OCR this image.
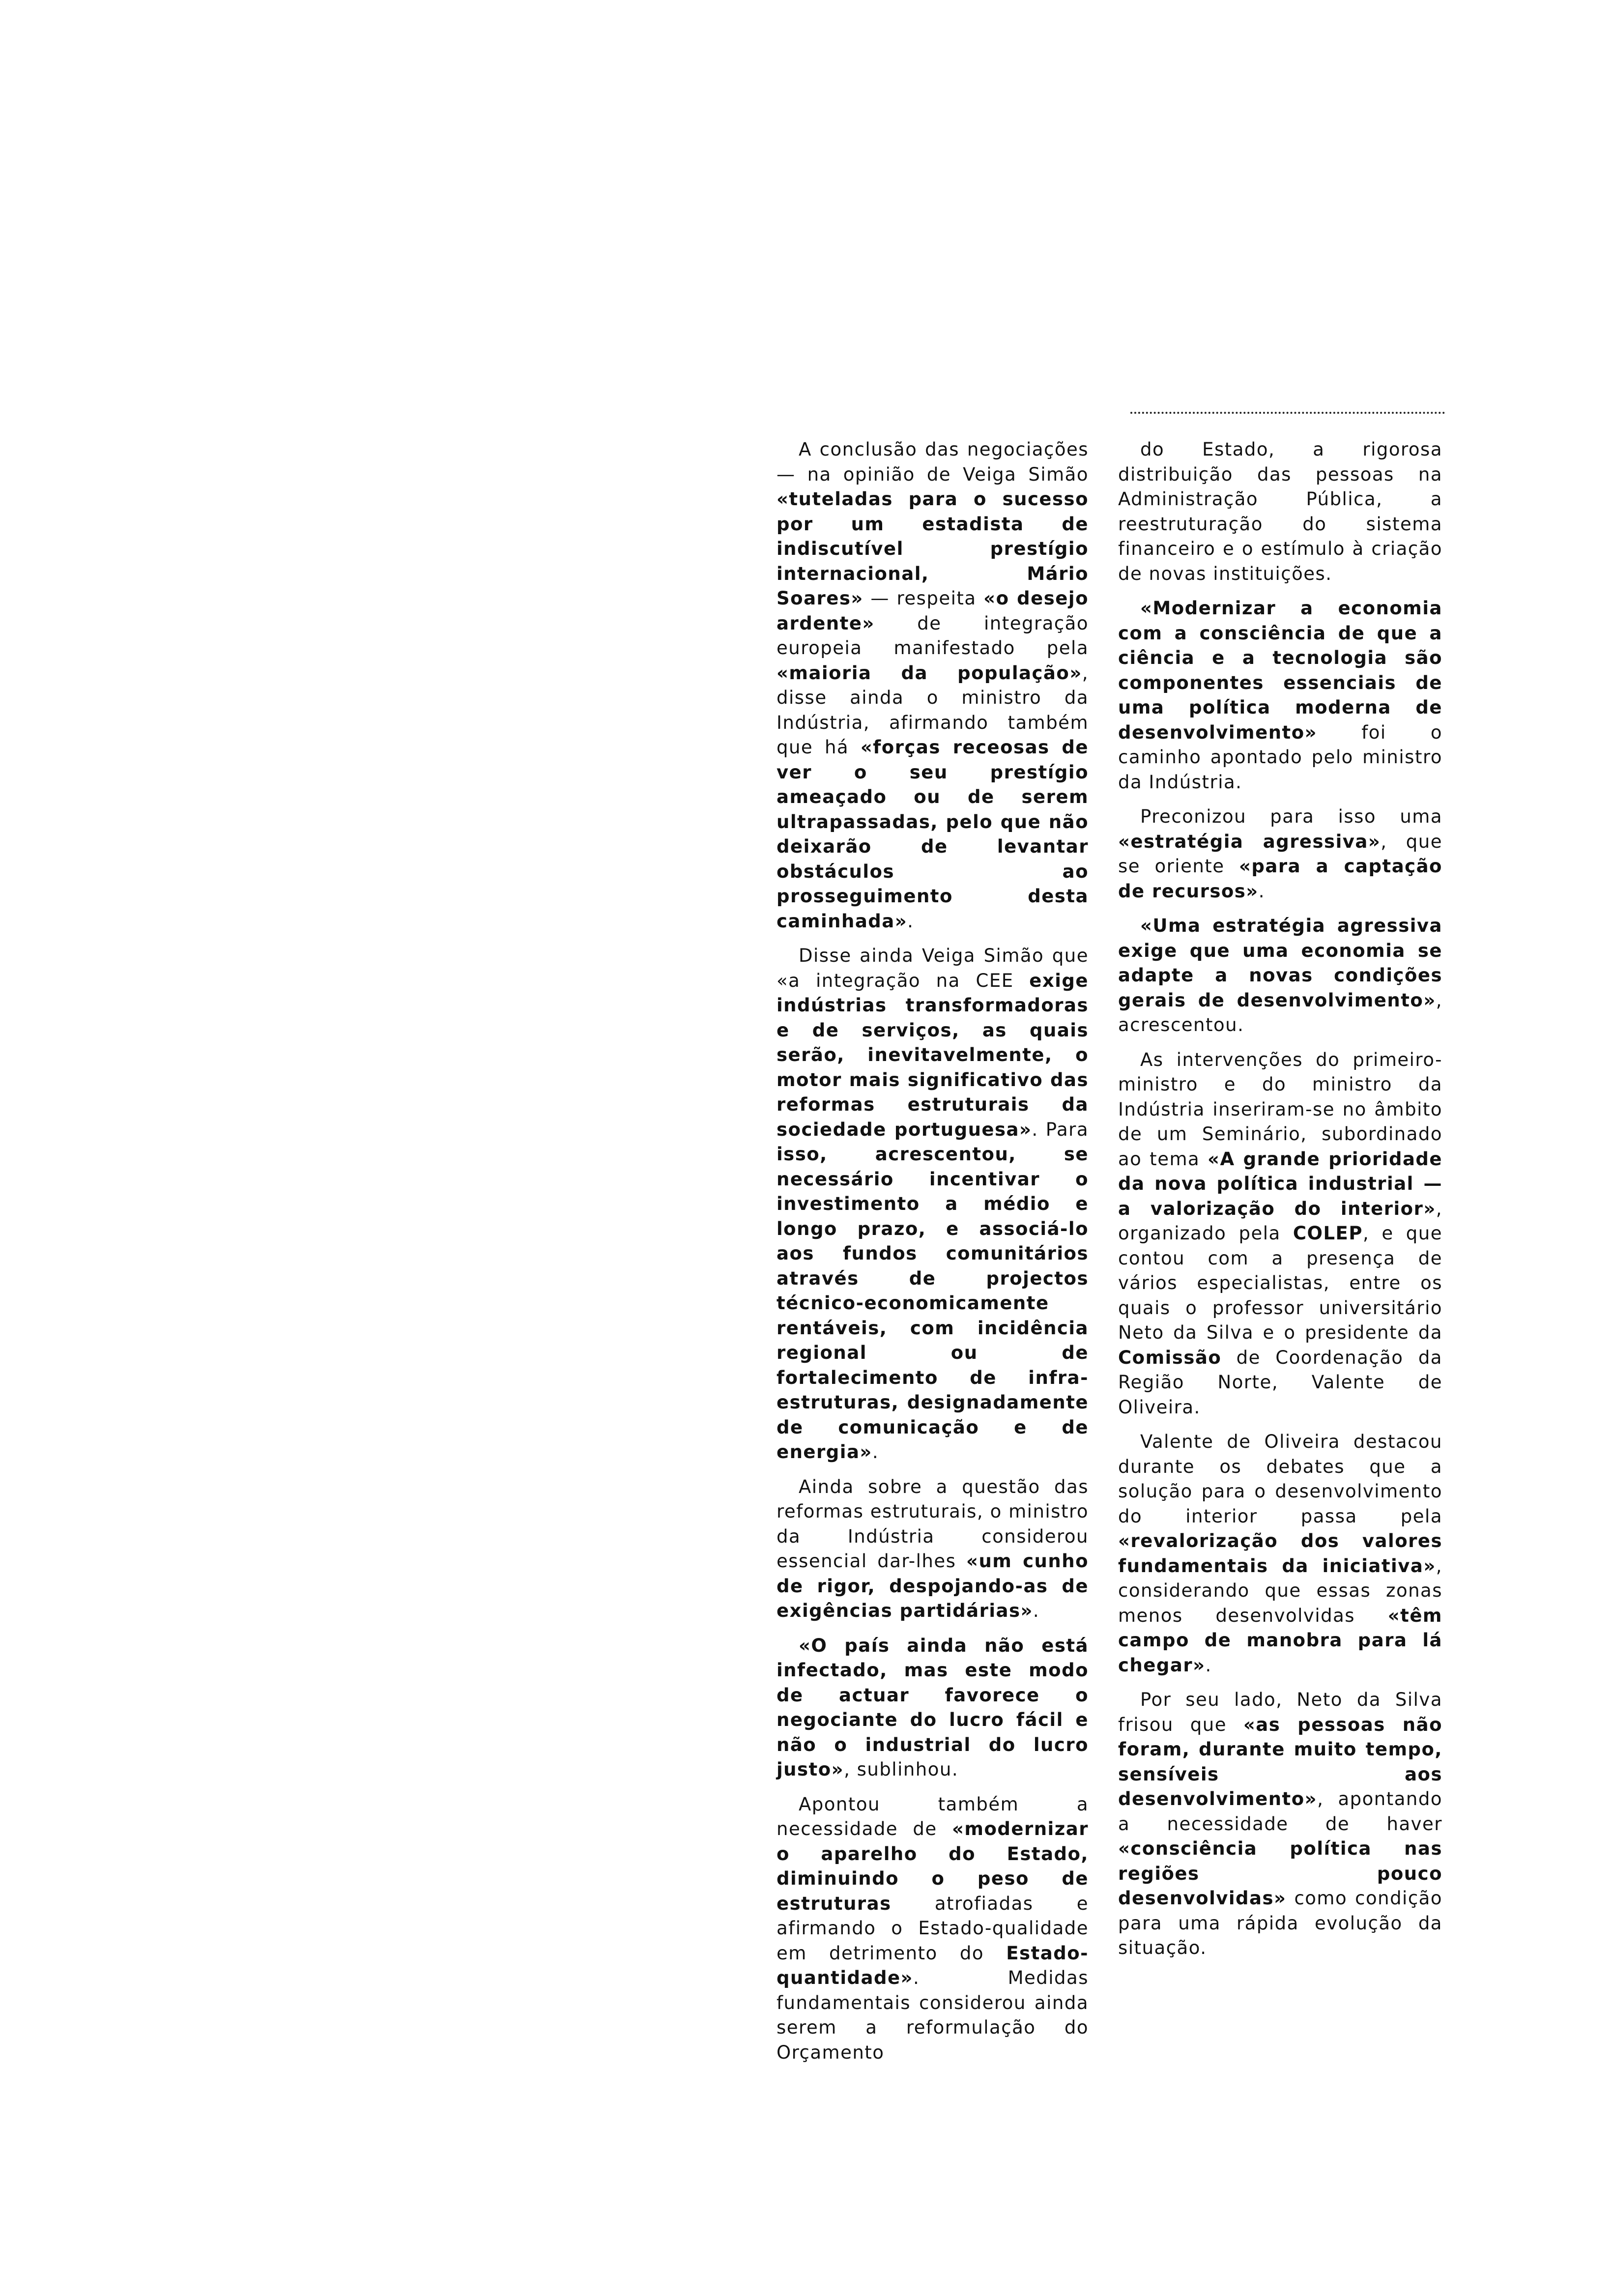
A conclusão das negociações — na opinião de Veiga Simão «tuteladas para o sucesso por um estadista de indiscutível prestígio internacional, Mário Soares» — respeita «o desejo ardente» de integração europeia manifestado pela «maioria da população», disse ainda o ministro da Indústria, afirmando também que há «forças receosas de ver o seu prestígio ameaçado ou de serem ultrapassadas, pelo que não deixarão de levantar obstáculos ao prosseguimento desta caminhada».

Disse ainda Veiga Simão que «a integração na CEE exige indústrias transformadoras e de serviços, as quais serão, inevitavelmente, o motor mais significativo das reformas estruturais da sociedade portuguesa». Para isso, acrescentou, se necessário incentivar o investimento a médio e longo prazo, e associá-lo aos fundos comunitários através de projectos técnico-economicamente rentáveis, com incidência regional ou de fortalecimento de infra-estruturas, designadamente de comunicação e de energia».

Ainda sobre a questão das reformas estruturais, o ministro da Indústria considerou essencial dar-lhes «um cunho de rigor, despojando-as de exigências partidárias».

«O país ainda não está infectado, mas este modo de actuar favorece o negociante do lucro fácil e não o industrial do lucro justo», sublinhou.

Apontou também a necessidade de «modernizar o aparelho do Estado, diminuindo o peso de estruturas atrofiadas e afirmando o Estado-qualidade em detrimento do Estado-quantidade». Medidas fundamentais considerou ainda serem a reformulação do Orçamento

do Estado, a rigorosa distribuição das pessoas na Administração Pública, a reestruturação do sistema financeiro e o estímulo à criação de novas instituições.

«Modernizar a economia com a consciência de que a ciência e a tecnologia são componentes essenciais de uma política moderna de desenvolvimento» foi o caminho apontado pelo ministro da Indústria.

Preconizou para isso uma «estratégia agressiva», que se oriente «para a captação de recursos».

«Uma estratégia agressiva exige que uma economia se adapte a novas condições gerais de desenvolvimento», acrescentou.

As intervenções do primeiro-ministro e do ministro da Indústria inseriram-se no âmbito de um Seminário, subordinado ao tema «A grande prioridade da nova política industrial — a valorização do interior», organizado pela COLEP, e que contou com a presença de vários especialistas, entre os quais o professor universitário Neto da Silva e o presidente da Comissão de Coordenação da Região Norte, Valente de Oliveira.

Valente de Oliveira destacou durante os debates que a solução para o desenvolvimento do interior passa pela «revalorização dos valores fundamentais da iniciativa», considerando que essas zonas menos desenvolvidas «têm campo de manobra para lá chegar».

Por seu lado, Neto da Silva frisou que «as pessoas não foram, durante muito tempo, sensíveis aos desenvolvimento», apontando a necessidade de haver «consciência política nas regiões pouco desenvolvidas» como condição para uma rápida evolução da situação.
